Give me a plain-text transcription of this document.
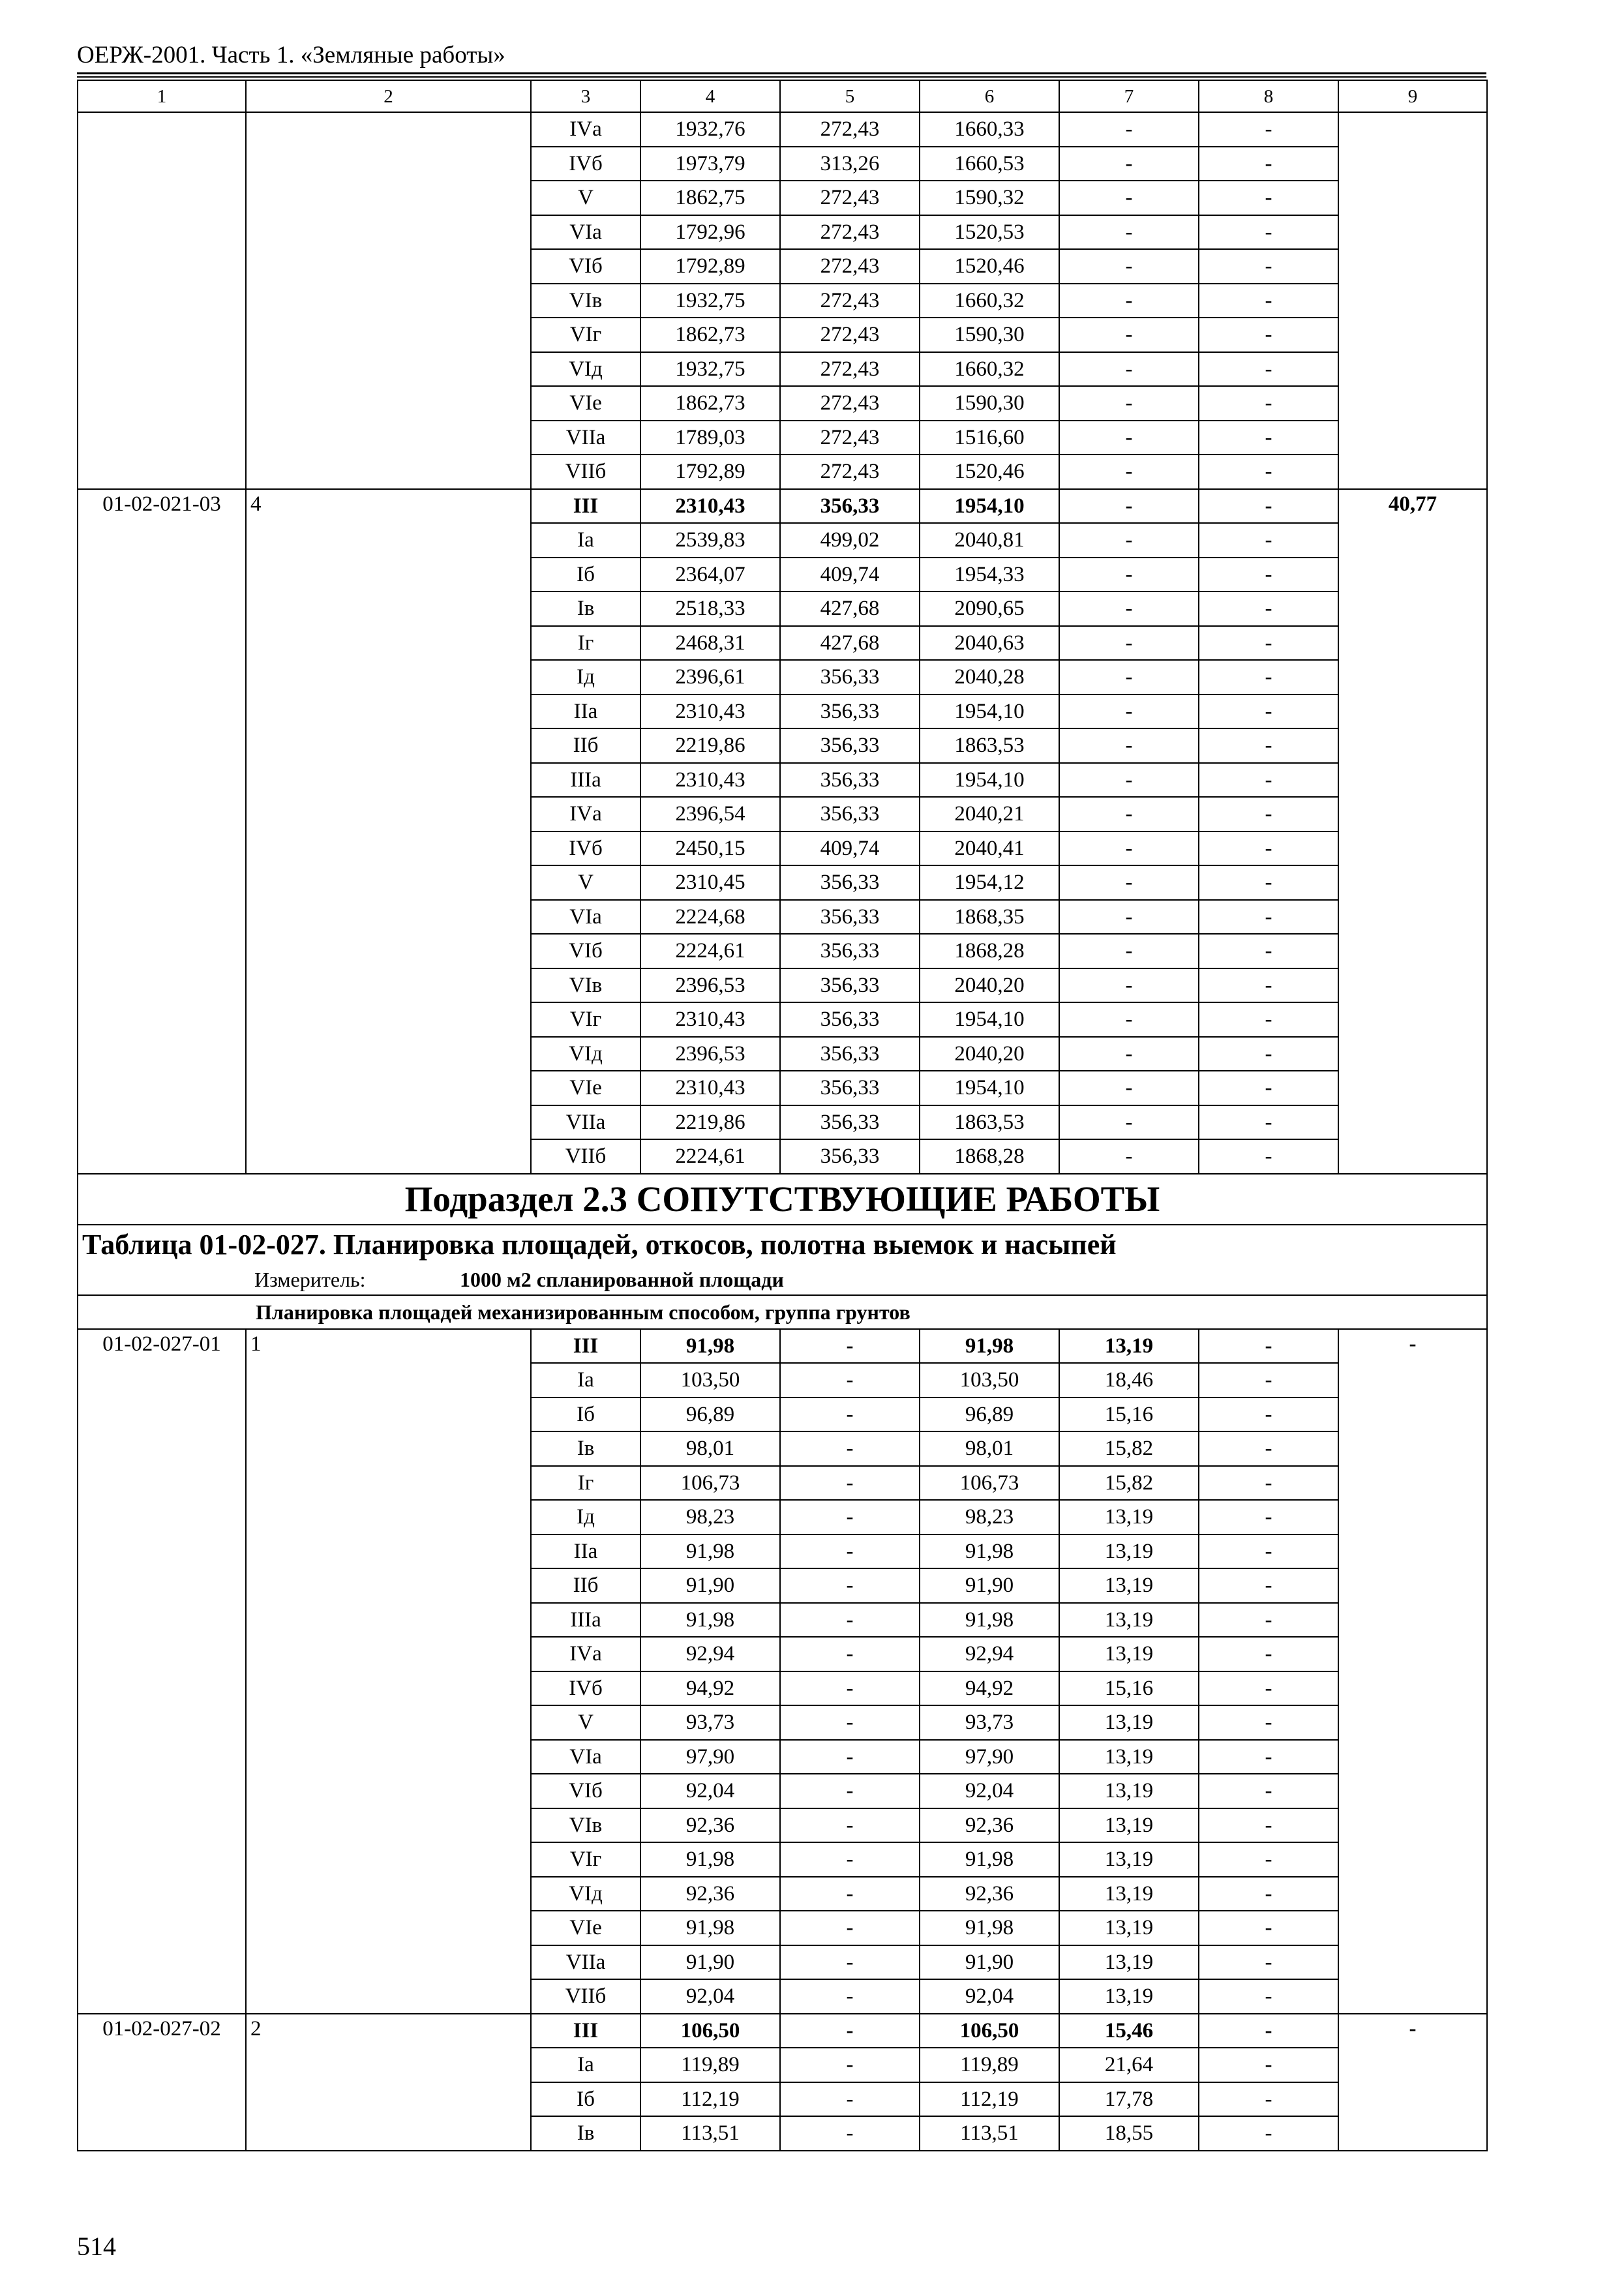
ОЕРЖ-2001. Часть 1. «Земляные работы»
1	2	3	4	5	6	7	8	9
		IVа	1932,76	272,43	1660,33	-	-	
		IVб	1973,79	313,26	1660,53	-	-	
		V	1862,75	272,43	1590,32	-	-	
		VIа	1792,96	272,43	1520,53	-	-	
		VIб	1792,89	272,43	1520,46	-	-	
		VIв	1932,75	272,43	1660,32	-	-	
		VIг	1862,73	272,43	1590,30	-	-	
		VIд	1932,75	272,43	1660,32	-	-	
		VIе	1862,73	272,43	1590,30	-	-	
		VIIа	1789,03	272,43	1516,60	-	-	
		VIIб	1792,89	272,43	1520,46	-	-	
01-02-021-03	4	III	2310,43	356,33	1954,10	-	-	40,77
		Iа	2539,83	499,02	2040,81	-	-	
		Iб	2364,07	409,74	1954,33	-	-	
		Iв	2518,33	427,68	2090,65	-	-	
		Iг	2468,31	427,68	2040,63	-	-	
		Iд	2396,61	356,33	2040,28	-	-	
		IIа	2310,43	356,33	1954,10	-	-	
		IIб	2219,86	356,33	1863,53	-	-	
		IIIа	2310,43	356,33	1954,10	-	-	
		IVа	2396,54	356,33	2040,21	-	-	
		IVб	2450,15	409,74	2040,41	-	-	
		V	2310,45	356,33	1954,12	-	-	
		VIа	2224,68	356,33	1868,35	-	-	
		VIб	2224,61	356,33	1868,28	-	-	
		VIв	2396,53	356,33	2040,20	-	-	
		VIг	2310,43	356,33	1954,10	-	-	
		VIд	2396,53	356,33	2040,20	-	-	
		VIе	2310,43	356,33	1954,10	-	-	
		VIIа	2219,86	356,33	1863,53	-	-	
		VIIб	2224,61	356,33	1868,28	-	-	
Подраздел 2.3 СОПУТСТВУЮЩИЕ РАБОТЫ								
Таблица 01-02-027. Планировка площадей, откосов, полотна выемок и насыпей								
Измеритель: 1000 м2 спланированной площади								
Планировка площадей механизированным способом, группа грунтов								
01-02-027-01	1	III	91,98	-	91,98	13,19	-	-
		Iа	103,50	-	103,50	18,46	-	
		Iб	96,89	-	96,89	15,16	-	
		Iв	98,01	-	98,01	15,82	-	
		Iг	106,73	-	106,73	15,82	-	
		Iд	98,23	-	98,23	13,19	-	
		IIа	91,98	-	91,98	13,19	-	
		IIб	91,90	-	91,90	13,19	-	
		IIIа	91,98	-	91,98	13,19	-	
		IVа	92,94	-	92,94	13,19	-	
		IVб	94,92	-	94,92	15,16	-	
		V	93,73	-	93,73	13,19	-	
		VIа	97,90	-	97,90	13,19	-	
		VIб	92,04	-	92,04	13,19	-	
		VIв	92,36	-	92,36	13,19	-	
		VIг	91,98	-	91,98	13,19	-	
		VIд	92,36	-	92,36	13,19	-	
		VIе	91,98	-	91,98	13,19	-	
		VIIа	91,90	-	91,90	13,19	-	
		VIIб	92,04	-	92,04	13,19	-	
01-02-027-02	2	III	106,50	-	106,50	15,46	-	-
		Iа	119,89	-	119,89	21,64	-	
		Iб	112,19	-	112,19	17,78	-	
		Iв	113,51	-	113,51	18,55	-	
514
